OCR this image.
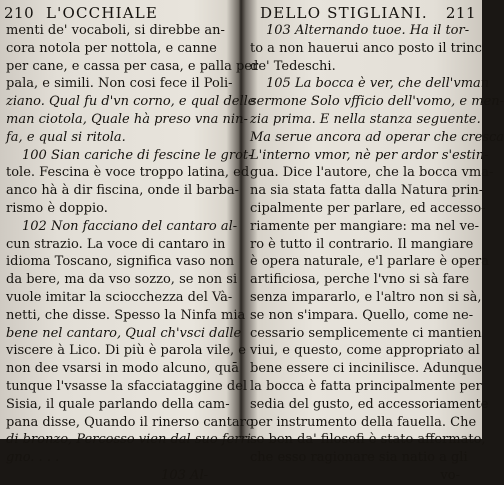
210 L'OCCHIALE
menti de' vocaboli, si direbbe an-
cora notola per nottola, e canne
per cane, e cassa per casa, e palla per
pala, e simili. Non cosi fece il Poli-
ziano. Qual fu d'vn corno, e qual delle
man ciotola, Quale hà preso vna nin-
fa, e qual si ritola.
100 Sian cariche di fescine le grot-
tole. Fescina è voce troppo latina, ed
anco hà à dir fiscina, onde il barba-
rismo è doppio.
102 Non facciano del cantaro al-
cun strazio. La voce di cantaro in
idioma Toscano, significa vaso non
da bere, ma da vso sozzo, se non si
vuole imitar la sciocchezza del Và-
netti, che disse. Spesso la Ninfa mia
bene nel cantaro, Qual ch'vsci dalle
viscere à Lico. Di più è parola vile, e
non dee vsarsi in modo alcuno, quā
tunque l'vsasse la sfacciataggine del
Sisia, il quale parlando della cam-
pana disse, Quando il rinerso cantaro
di bronzo, Percosso vien dal suo ferri-
gno. . . .
103 Al-
DELLO STIGLIANI. 211
103 Alternando tuoe. Ha il tor-
to a non hauerui anco posto il trinc
de' Tedeschi.
105 La bocca è ver, che dell'vman
sermone Solo vfficio dell'vomo, e men-
zia prima. E nella stanza seguente.
Ma serue ancora ad operar che cresca
L'interno vmor, nè per ardor s'estin-
gua. Dice l'autore, che la bocca vma-
na sia stata fatta dalla Natura prin-
cipalmente per parlare, ed accesso-
riamente per mangiare: ma nel ve-
ro è tutto il contrario. Il mangiare
è opera naturale, e'l parlare è opera
artificiosa, perche l'vno si sà fare
senza impararlo, e l'altro non si sà,
se non s'impara. Quello, come ne-
cessario semplicemente ci mantien
viui, e questo, come appropriato al
bene essere ci incinilisce. Adunque
la bocca è fatta principalmente per
sedia del gusto, ed accessoriamente
per instrumento della fauella. Che
se ben da' filosofi è stato affermato,
che esso ragionare sia natio a gli
vo-
